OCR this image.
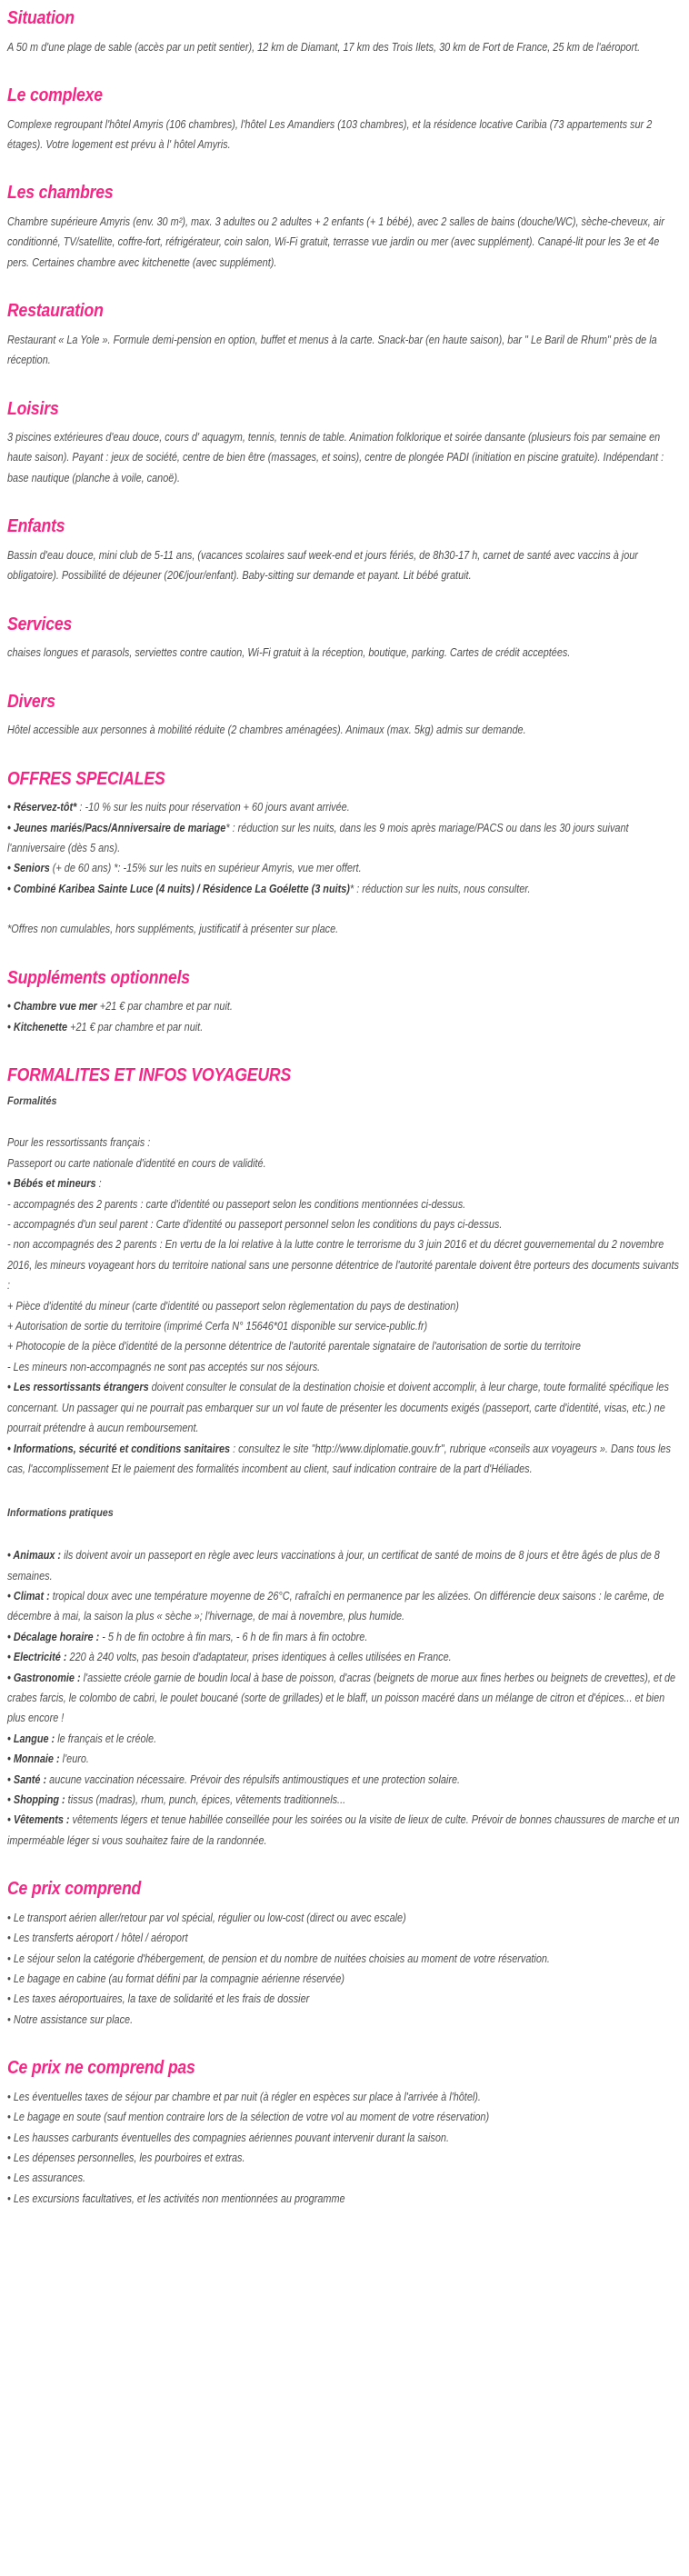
Situation

A 50 m d'une plage de sable (accès par un petit sentier), 12 km de Diamant, 17 km des Trois Ilets, 30 km de Fort de France, 25 km de l'aéroport.

Le complexe

Complexe regroupant l'hôtel Amyris (106 chambres), l'hôtel Les Amandiers (103 chambres), et la résidence locative Caribia (73 appartements sur 2 étages). Votre logement est prévu à l' hôtel Amyris.

Les chambres

Chambre supérieure Amyris (env. 30 m²), max. 3 adultes ou 2 adultes + 2 enfants (+ 1 bébé), avec 2 salles de bains (douche/WC), sèche-cheveux, air conditionné, TV/satellite, coffre-fort, réfrigérateur, coin salon, Wi-Fi gratuit, terrasse vue jardin ou mer (avec supplément). Canapé-lit pour les 3e et 4e pers. Certaines chambre avec kitchenette (avec supplément).

Restauration

Restaurant « La Yole ». Formule demi-pension en option, buffet et menus à la carte. Snack-bar (en haute saison), bar " Le Baril de Rhum" près de la réception.

Loisirs

3 piscines extérieures d'eau douce, cours d' aquagym, tennis, tennis de table. Animation folklorique et soirée dansante (plusieurs fois par semaine en haute saison). Payant : jeux de société, centre de bien être (massages, et soins), centre de plongée PADI (initiation en piscine gratuite). Indépendant : base nautique (planche à voile, canoë).

Enfants

Bassin d'eau douce, mini club de 5-11 ans, (vacances scolaires sauf week-end et jours fériés, de 8h30-17 h, carnet de santé avec vaccins à jour obligatoire). Possibilité de déjeuner (20€/jour/enfant). Baby-sitting sur demande et payant. Lit bébé gratuit.

Services

chaises longues et parasols, serviettes contre caution, Wi-Fi gratuit à la réception, boutique, parking. Cartes de crédit acceptées.

Divers

Hôtel accessible aux personnes à mobilité réduite (2 chambres aménagées). Animaux (max. 5kg) admis sur demande.

OFFRES SPECIALES

• Réservez-tôt* : -10 % sur les nuits pour réservation + 60 jours avant arrivée.

• Jeunes mariés/Pacs/Anniversaire de mariage* : réduction sur les nuits, dans les 9 mois après mariage/PACS ou dans les 30 jours suivant l'anniversaire (dès 5 ans).

• Seniors (+ de 60 ans) *: -15% sur les nuits en supérieur Amyris, vue mer offert.

• Combiné Karibea Sainte Luce (4 nuits) / Résidence La Goélette (3 nuits)* : réduction sur les nuits, nous consulter.

*Offres non cumulables, hors suppléments, justificatif à présenter sur place.

Suppléments optionnels

• Chambre vue mer +21 € par chambre et par nuit.

• Kitchenette +21 € par chambre et par nuit.

FORMALITES ET INFOS VOYAGEURS
Formalités

Pour les ressortissants français :

Passeport ou carte nationale d'identité en cours de validité.

• Bébés et mineurs :

- accompagnés des 2 parents : carte d'identité ou passeport selon les conditions mentionnées ci-dessus.

- accompagnés d'un seul parent : Carte d'identité ou passeport personnel selon les conditions du pays ci-dessus.

- non accompagnés des 2 parents : En vertu de la loi relative à la lutte contre le terrorisme du 3 juin 2016 et du décret gouvernemental du 2 novembre 2016, les mineurs voyageant hors du territoire national sans une personne détentrice de l'autorité parentale doivent être porteurs des documents suivants :

+ Pièce d'identité du mineur (carte d'identité ou passeport selon règlementation du pays de destination)

+ Autorisation de sortie du territoire (imprimé Cerfa N° 15646*01 disponible sur service-public.fr)

+ Photocopie de la pièce d'identité de la personne détentrice de l'autorité parentale signataire de l'autorisation de sortie du territoire

- Les mineurs non-accompagnés ne sont pas acceptés sur nos séjours.

• Les ressortissants étrangers doivent consulter le consulat de la destination choisie et doivent accomplir, à leur charge, toute formalité spécifique les concernant. Un passager qui ne pourrait pas embarquer sur un vol faute de présenter les documents exigés (passeport, carte d'identité, visas, etc.) ne pourrait prétendre à aucun remboursement.

• Informations, sécurité et conditions sanitaires : consultez le site "http://www.diplomatie.gouv.fr", rubrique «conseils aux voyageurs ». Dans tous les cas, l'accomplissement Et le paiement des formalités incombent au client, sauf indication contraire de la part d'Héliades.

Informations pratiques

• Animaux : ils doivent avoir un passeport en règle avec leurs vaccinations à jour, un certificat de santé de moins de 8 jours et être âgés de plus de 8 semaines.

• Climat : tropical doux avec une température moyenne de 26°C, rafraîchi en permanence par les alizées. On différencie deux saisons : le carême, de décembre à mai, la saison la plus « sèche »; l'hivernage, de mai à novembre, plus humide.

• Décalage horaire : - 5 h de fin octobre à fin mars, - 6 h de fin mars à fin octobre.

• Electricité : 220 à 240 volts, pas besoin d'adaptateur, prises identiques à celles utilisées en France.

• Gastronomie : l'assiette créole garnie de boudin local à base de poisson, d'acras (beignets de morue aux fines herbes ou beignets de crevettes), et de crabes farcis, le colombo de cabri, le poulet boucané (sorte de grillades) et le blaff, un poisson macéré dans un mélange de citron et d'épices... et bien plus encore !

• Langue : le français et le créole.

• Monnaie : l'euro.

• Santé : aucune vaccination nécessaire. Prévoir des répulsifs antimoustiques et une protection solaire.

• Shopping : tissus (madras), rhum, punch, épices, vêtements traditionnels...

• Vêtements : vêtements légers et tenue habillée conseillée pour les soirées ou la visite de lieux de culte. Prévoir de bonnes chaussures de marche et un imperméable léger si vous souhaitez faire de la randonnée.

Ce prix comprend

• Le transport aérien aller/retour par vol spécial, régulier ou low-cost (direct ou avec escale)

• Les transferts aéroport / hôtel / aéroport

• Le séjour selon la catégorie d'hébergement, de pension et du nombre de nuitées choisies au moment de votre réservation.

• Le bagage en cabine (au format défini par la compagnie aérienne réservée)

• Les taxes aéroportuaires, la taxe de solidarité et les frais de dossier

• Notre assistance sur place.

Ce prix ne comprend pas

• Les éventuelles taxes de séjour par chambre et par nuit (à régler en espèces sur place à l'arrivée à l'hôtel).

• Le bagage en soute (sauf mention contraire lors de la sélection de votre vol au moment de votre réservation)

• Les hausses carburants éventuelles des compagnies aériennes pouvant intervenir durant la saison.

• Les dépenses personnelles, les pourboires et extras.

• Les assurances.

• Les excursions facultatives, et les activités non mentionnées au programme
